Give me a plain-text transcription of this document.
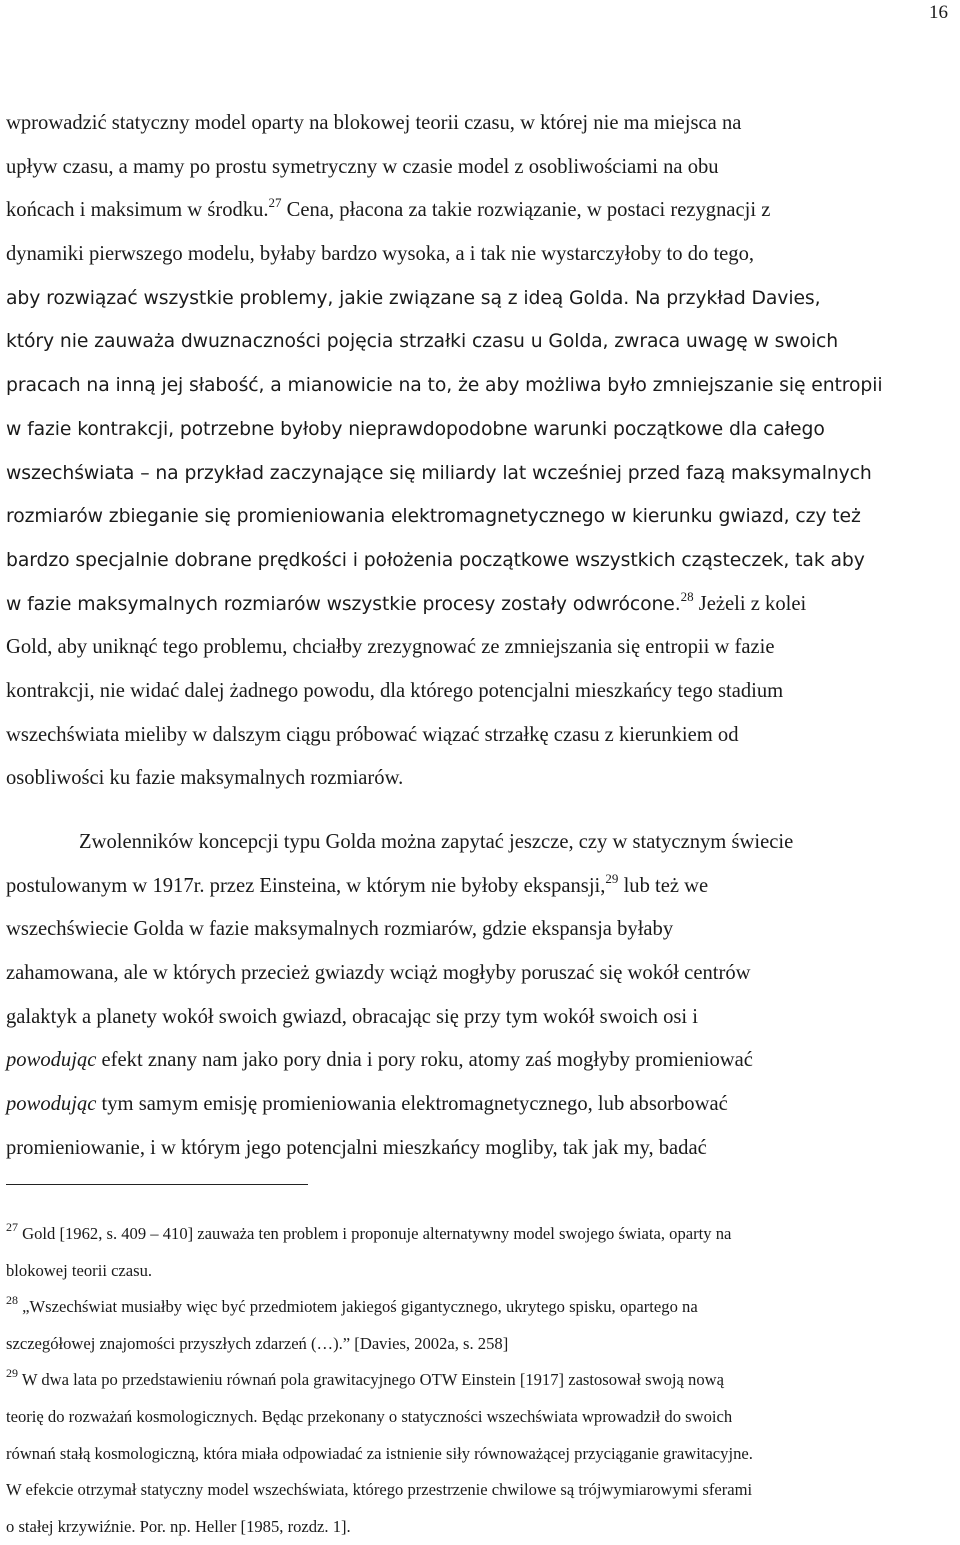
16
wprowadzić statyczny model oparty na blokowej teorii czasu, w której nie ma miejsca na
upływ czasu, a mamy po prostu symetryczny w czasie model z osobliwościami na obu
końcach i maksimum w środku.$^{27}$ Cena, płacona za takie rozwiązanie, w postaci rezygnacji z
dynamiki pierwszego modelu, byłaby bardzo wysoka, a i tak nie wystarczyłoby to do tego,
aby rozwiązać wszystkie problemy, jakie związane są z ideą Golda. Na przykład Davies,
który nie zauważa dwuznaczności pojęcia strzałki czasu u Golda, zwraca uwagę w swoich
pracach na inną jej słabość, a mianowicie na to, że aby możliwa było zmniejszanie się entropii
w fazie kontrakcji, potrzebne byłoby nieprawdopodobne warunki początkowe dla całego
wszechświata – na przykład zaczynające się miliardy lat wcześniej przed fazą maksymalnych
rozmiarów zbieganie się promieniowania elektromagnetycznego w kierunku gwiazd, czy też
bardzo specjalnie dobrane prędkości i położenia początkowe wszystkich cząsteczek, tak aby
w fazie maksymalnych rozmiarów wszystkie procesy zostały odwrócone.$^{28}$ Jeżeli z kolei
Gold, aby uniknąć tego problemu, chciałby zrezygnować ze zmniejszania się entropii w fazie
kontrakcji, nie widać dalej żadnego powodu, dla którego potencjalni mieszkańcy tego stadium
wszechświata mieliby w dalszym ciągu próbować wiązać strzałkę czasu z kierunkiem od
osobliwości ku fazie maksymalnych rozmiarów.
Zwolenników koncepcji typu Golda można zapytać jeszcze, czy w statycznym świecie
postulowanym w 1917r. przez Einsteina, w którym nie byłoby ekspansji,$^{29}$ lub też we
wszechświecie Golda w fazie maksymalnych rozmiarów, gdzie ekspansja byłaby
zahamowana, ale w których przecież gwiazdy wciąż mogłyby poruszać się wokół centrów
galaktyk a planety wokół swoich gwiazd, obracając się przy tym wokół swoich osi i
powodując efekt znany nam jako pory dnia i pory roku, atomy zaś mogłyby promieniować
powodując tym samym emisję promieniowania elektromagnetycznego, lub absorbować
promieniowanie, i w którym jego potencjalni mieszkańcy mogliby, tak jak my, badać
$^{27}$ Gold [1962, s. 409 – 410] zauważa ten problem i proponuje alternatywny model swojego świata, oparty na
blokowej teorii czasu.
$^{28}$ „Wszechświat musiałby więc być przedmiotem jakiegoś gigantycznego, ukrytego spisku, opartego na
szczegółowej znajomości przyszłych zdarzeń (…).” [Davies, 2002a, s. 258]
$^{29}$ W dwa lata po przedstawieniu równań pola grawitacyjnego OTW Einstein [1917] zastosował swoją nową
teorię do rozważań kosmologicznych. Będąc przekonany o statyczności wszechświata wprowadził do swoich
równań stałą kosmologiczną, która miała odpowiadać za istnienie siły równoważącej przyciąganie grawitacyjne.
W efekcie otrzymał statyczny model wszechświata, którego przestrzenie chwilowe są trójwymiarowymi sferami
o stałej krzywiźnie. Por. np. Heller [1985, rozdz. 1].
